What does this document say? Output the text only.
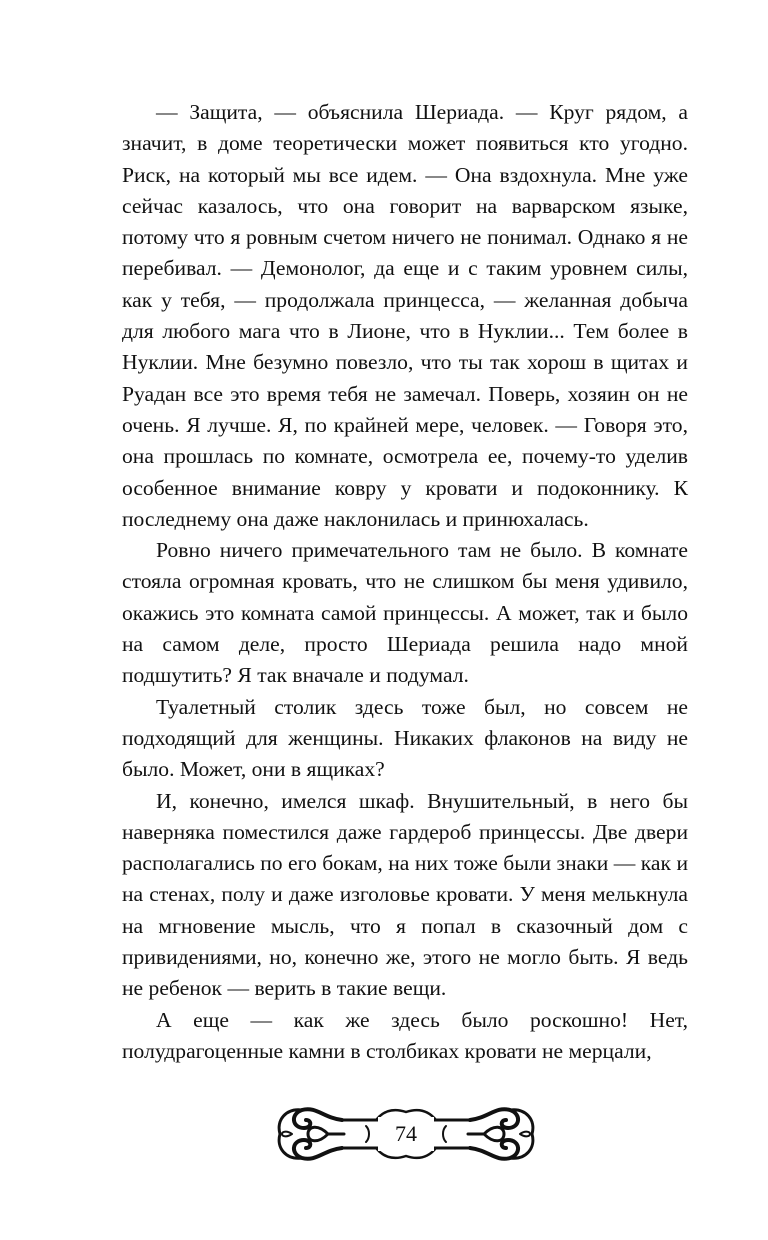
— Защита, — объяснила Шериада. — Круг рядом, а значит, в доме теоретически может появиться кто угодно. Риск, на который мы все идем. — Она вздохнула. Мне уже сейчас казалось, что она говорит на варварском языке, потому что я ровным счетом ничего не понимал. Однако я не перебивал. — Демонолог, да еще и с таким уровнем силы, как у тебя, — продолжала принцесса, — желанная добыча для любого мага что в Лионе, что в Нуклии... Тем более в Нуклии. Мне безумно повезло, что ты так хорош в щитах и Руадан все это время тебя не замечал. Поверь, хозяин он не очень. Я лучше. Я, по крайней мере, человек. — Говоря это, она прошлась по комнате, осмотрела ее, почему-то уделив особенное внимание ковру у кровати и подоконнику. К последнему она даже наклонилась и принюхалась.

Ровно ничего примечательного там не было. В комнате стояла огромная кровать, что не слишком бы меня удивило, окажись это комната самой принцессы. А может, так и было на самом деле, просто Шериада решила надо мной подшутить? Я так вначале и подумал.

Туалетный столик здесь тоже был, но совсем не подходящий для женщины. Никаких флаконов на виду не было. Может, они в ящиках?

И, конечно, имелся шкаф. Внушительный, в него бы наверняка поместился даже гардероб принцессы. Две двери располагались по его бокам, на них тоже были знаки — как и на стенах, полу и даже изголовье кровати. У меня мелькнула на мгновение мысль, что я попал в сказочный дом с привидениями, но, конечно же, этого не могло быть. Я ведь не ребенок — верить в такие вещи.

А еще — как же здесь было роскошно! Нет, полудрагоценные камни в столбиках кровати не мерцали,

74
